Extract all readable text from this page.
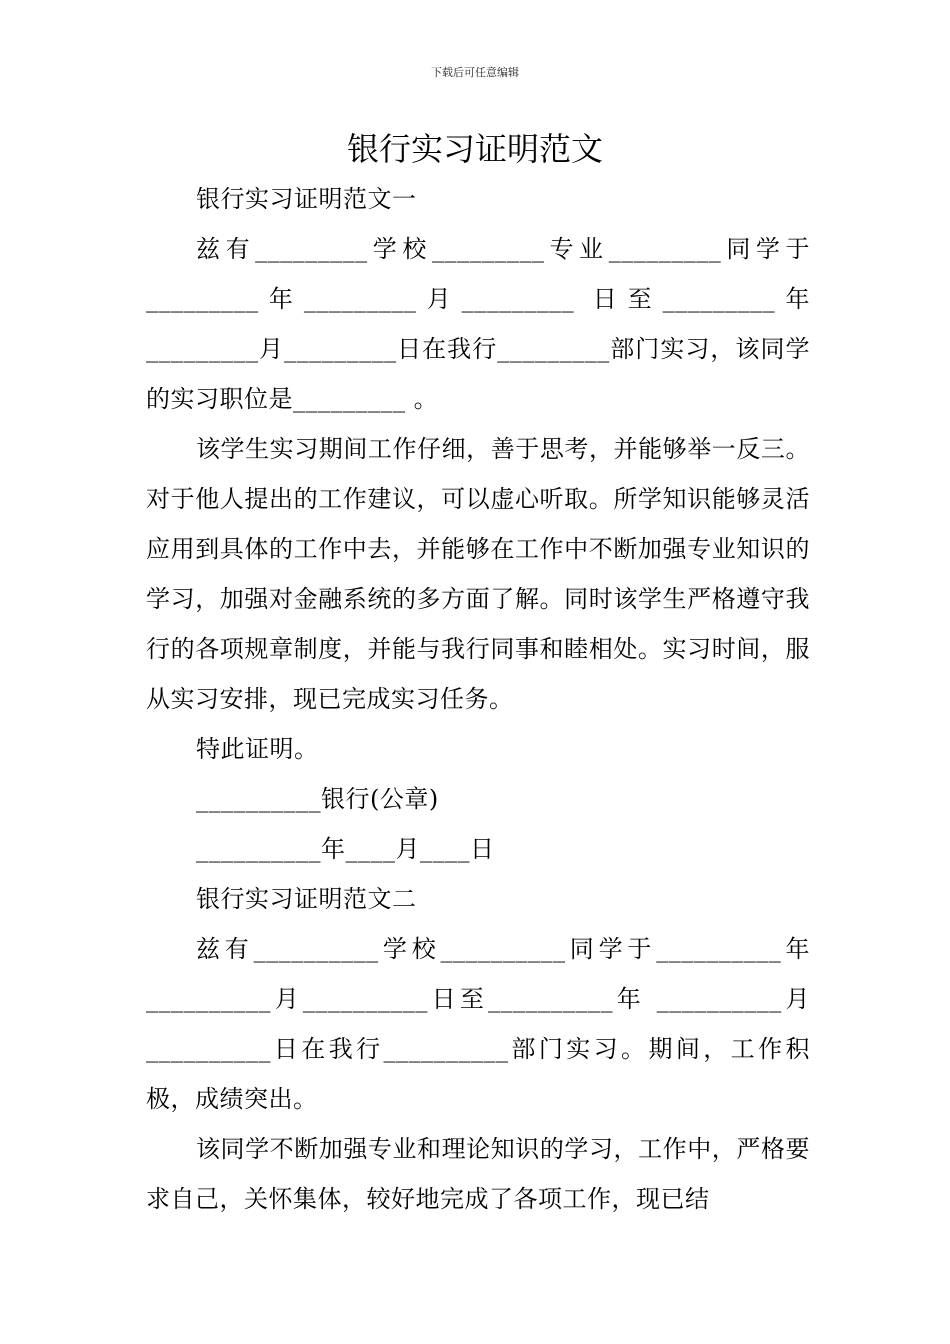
下载后可任意编辑
银行实习证明范文

银行实习证明范文一

兹有_________学校_________专业_________同学于_________年_________月_________ 日至_________年_________月_________日在我行_________部门实习，该同学的实习职位是_________ 。

该学生实习期间工作仔细，善于思考，并能够举一反三。对于他人提出的工作建议，可以虚心听取。所学知识能够灵活应用到具体的工作中去，并能够在工作中不断加强专业知识的学习，加强对金融系统的多方面了解。同时该学生严格遵守我行的各项规章制度，并能与我行同事和睦相处。实习时间，服从实习安排，现已完成实习任务。

特此证明。

__________银行(公章)

__________年____月____日

银行实习证明范文二

兹有__________学校__________同学于__________年__________月__________日至__________年 __________月__________日在我行__________部门实习。期间，工作积极，成绩突出。

该同学不断加强专业和理论知识的学习，工作中，严格要求自己，关怀集体，较好地完成了各项工作，现已结
